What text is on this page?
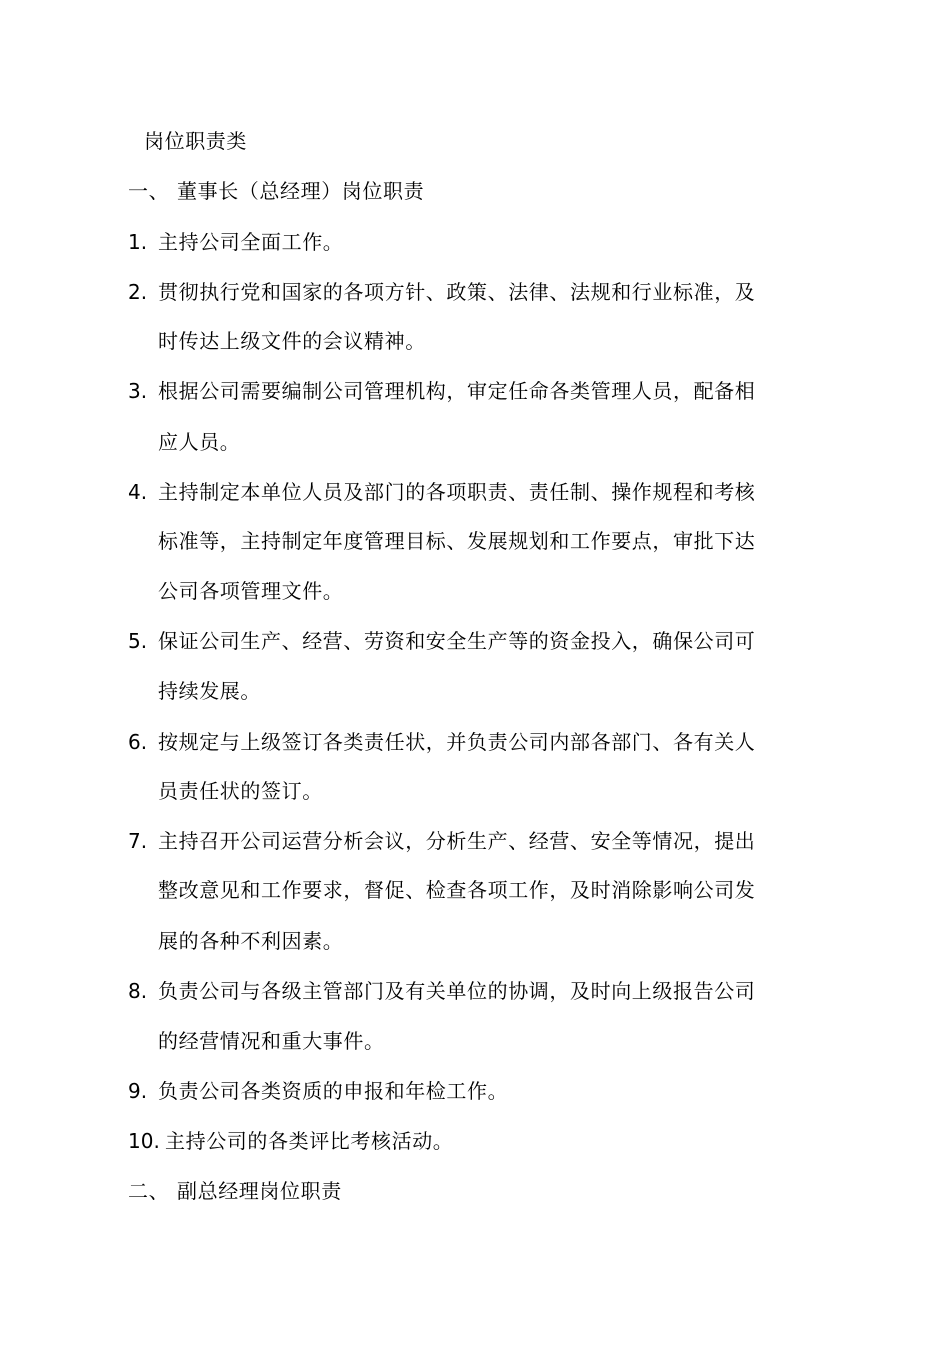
岗位职责类
一、 董事长（总经理）岗位职责
1. 主持公司全面工作。
2. 贯彻执行党和国家的各项方针、政策、法律、法规和行业标准，及
时传达上级文件的会议精神。
3. 根据公司需要编制公司管理机构，审定任命各类管理人员，配备相
应人员。
4. 主持制定本单位人员及部门的各项职责、责任制、操作规程和考核
标准等，主持制定年度管理目标、发展规划和工作要点，审批下达
公司各项管理文件。
5. 保证公司生产、经营、劳资和安全生产等的资金投入，确保公司可
持续发展。
6. 按规定与上级签订各类责任状，并负责公司内部各部门、各有关人
员责任状的签订。
7. 主持召开公司运营分析会议，分析生产、经营、安全等情况，提出
整改意见和工作要求，督促、检查各项工作，及时消除影响公司发
展的各种不利因素。
8. 负责公司与各级主管部门及有关单位的协调，及时向上级报告公司
的经营情况和重大事件。
9. 负责公司各类资质的申报和年检工作。
10. 主持公司的各类评比考核活动。
二、 副总经理岗位职责
